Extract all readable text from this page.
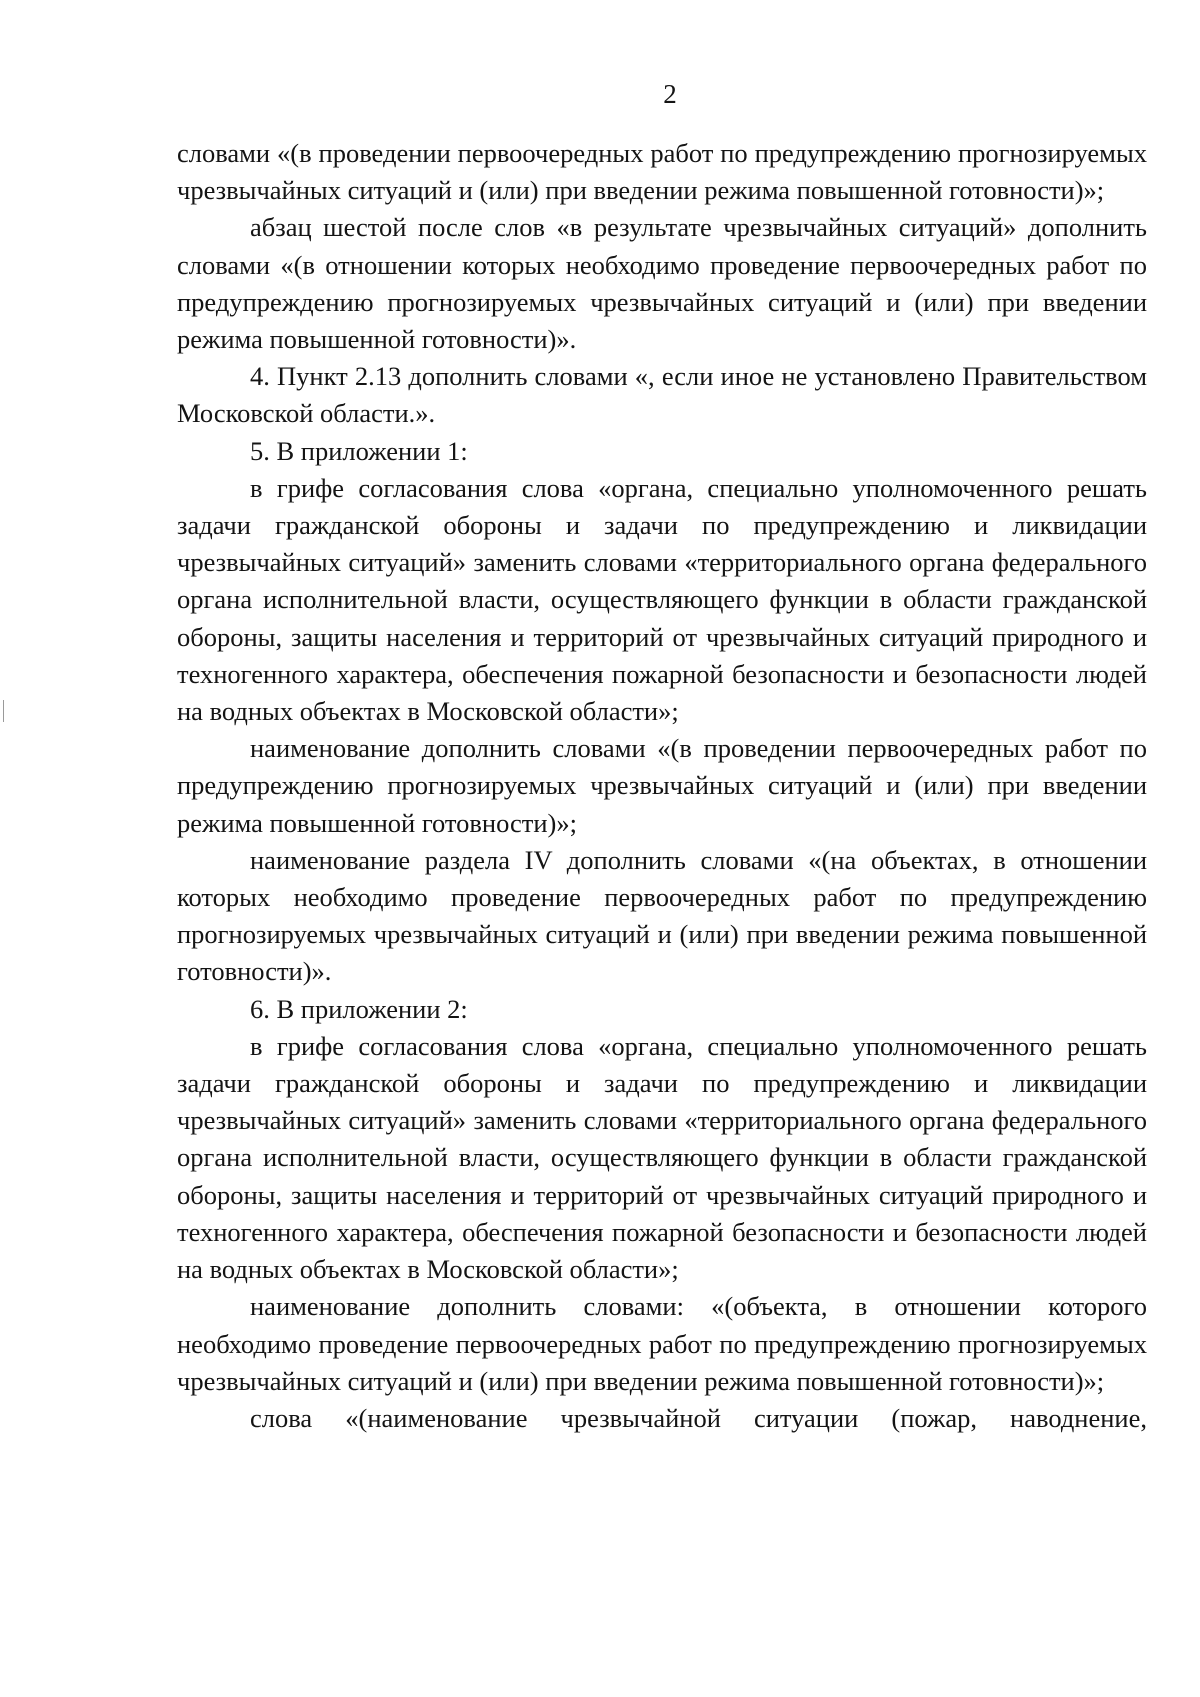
2

словами «(в проведении первоочередных работ по предупреждению прогнозируемых чрезвычайных ситуаций и (или) при введении режима повышенной готовности)»;

абзац шестой после слов «в результате чрезвычайных ситуаций» дополнить словами «(в отношении которых необходимо проведение первоочередных работ по предупреждению прогнозируемых чрезвычайных ситуаций и (или) при введении режима повышенной готовности)».

4. Пункт 2.13 дополнить словами «, если иное не установлено Правительством Московской области.».

5. В приложении 1:

в грифе согласования слова «органа, специально уполномоченного решать задачи гражданской обороны и задачи по предупреждению и ликвидации чрезвычайных ситуаций» заменить словами «территориального органа федерального органа исполнительной власти, осуществляющего функции в области гражданской обороны, защиты населения и территорий от чрезвычайных ситуаций природного и техногенного характера, обеспечения пожарной безопасности и безопасности людей на водных объектах в Московской области»;

наименование дополнить словами «(в проведении первоочередных работ по предупреждению прогнозируемых чрезвычайных ситуаций и (или) при введении режима повышенной готовности)»;

наименование раздела IV дополнить словами «(на объектах, в отношении которых необходимо проведение первоочередных работ по предупреждению прогнозируемых чрезвычайных ситуаций и (или) при введении режима повышенной готовности)».

6. В приложении 2:

в грифе согласования слова «органа, специально уполномоченного решать задачи гражданской обороны и задачи по предупреждению и ликвидации чрезвычайных ситуаций» заменить словами «территориального органа федерального органа исполнительной власти, осуществляющего функции в области гражданской обороны, защиты населения и территорий от чрезвычайных ситуаций природного и техногенного характера, обеспечения пожарной безопасности и безопасности людей на водных объектах в Московской области»;

наименование дополнить словами: «(объекта, в отношении которого необходимо проведение первоочередных работ по предупреждению прогнозируемых чрезвычайных ситуаций и (или) при введении режима повышенной готовности)»;

слова «(наименование чрезвычайной ситуации (пожар, наводнение,
